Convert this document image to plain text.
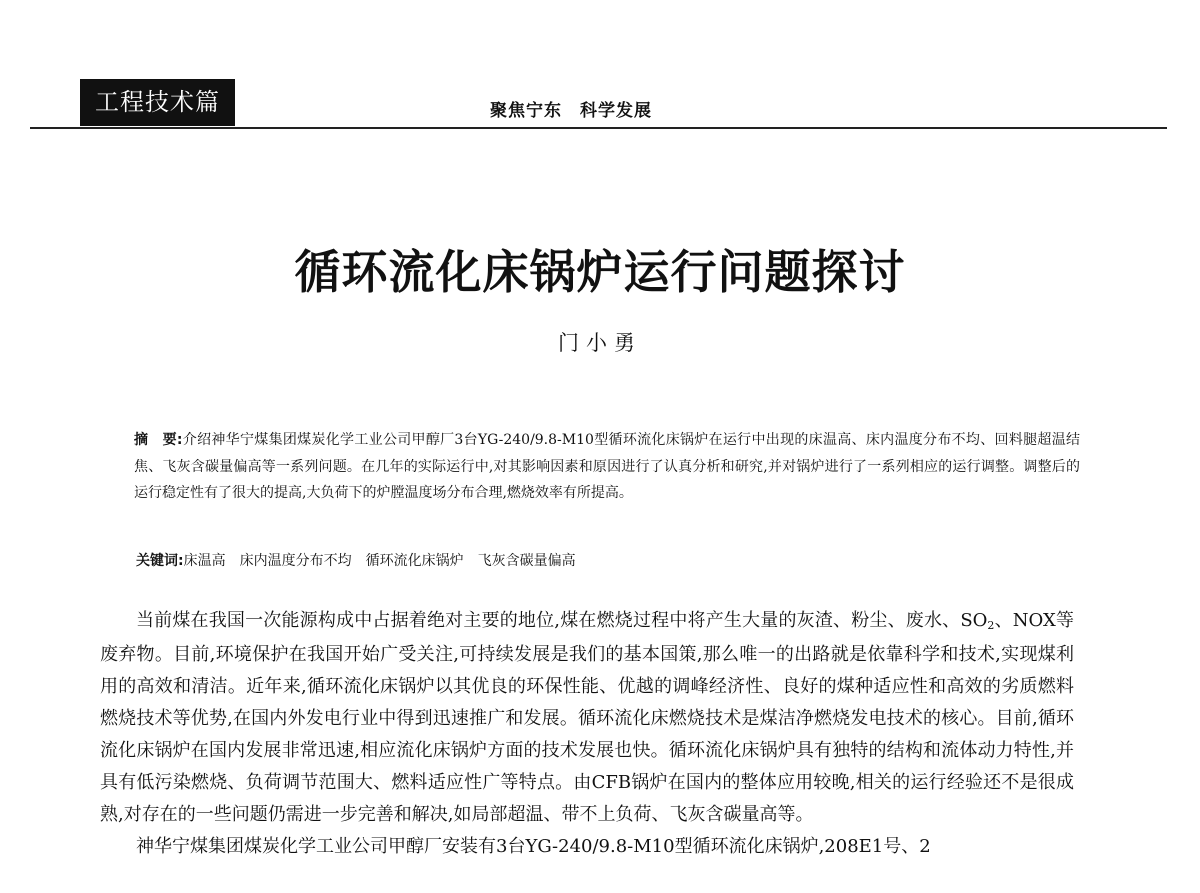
工程技术篇	聚焦宁东　科学发展
循环流化床锅炉运行问题探讨
门小勇
摘　要:介绍神华宁煤集团煤炭化学工业公司甲醇厂3台YG-240/9.8-M10型循环流化床锅炉在运行中出现的床温高、床内温度分布不均、回料腿超温结焦、飞灰含碳量偏高等一系列问题。在几年的实际运行中,对其影响因素和原因进行了认真分析和研究,并对锅炉进行了一系列相应的运行调整。调整后的运行稳定性有了很大的提高,大负荷下的炉膛温度场分布合理,燃烧效率有所提高。
关键词:床温高 床内温度分布不均 循环流化床锅炉 飞灰含碳量偏高

当前煤在我国一次能源构成中占据着绝对主要的地位,煤在燃烧过程中将产生大量的灰渣、粉尘、废水、$SO_2$、NOX等废弃物。目前,环境保护在我国开始广受关注,可持续发展是我们的基本国策,那么唯一的出路就是依靠科学和技术,实现煤利用的高效和清洁。近年来,循环流化床锅炉以其优良的环保性能、优越的调峰经济性、良好的煤种适应性和高效的劣质燃料燃烧技术等优势,在国内外发电行业中得到迅速推广和发展。循环流化床燃烧技术是煤洁净燃烧发电技术的核心。目前,循环流化床锅炉在国内发展非常迅速,相应流化床锅炉方面的技术发展也快。循环流化床锅炉具有独特的结构和流体动力特性,并具有低污染燃烧、负荷调节范围大、燃料适应性广等特点。由CFB锅炉在国内的整体应用较晚,相关的运行经验还不是很成熟,对存在的一些问题仍需进一步完善和解决,如局部超温、带不上负荷、飞灰含碳量高等。

神华宁煤集团煤炭化学工业公司甲醇厂安装有3台YG-240/9.8-M10型循环流化床锅炉,208E1号、2
